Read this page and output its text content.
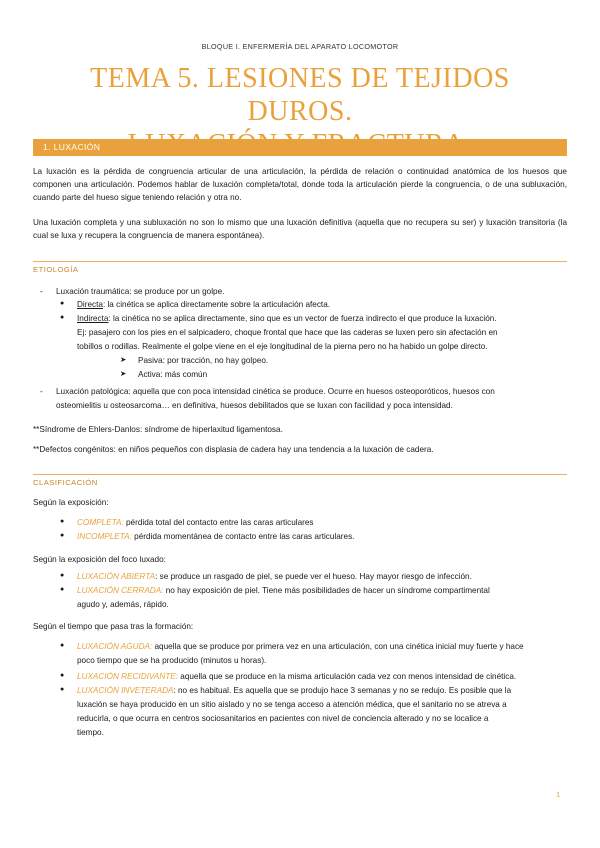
BLOQUE I. ENFERMERÍA DEL APARATO LOCOMOTOR
TEMA 5. LESIONES DE TEJIDOS DUROS.
1. LUXACIÓN

La luxación es la pérdida de congruencia articular de una articulación, la pérdida de relación o continuidad anatómica de los huesos que componen una articulación. Podemos hablar de luxación completa/total, donde toda la articulación pierde la congruencia, o de una subluxación, cuando parte del hueso sigue teniendo relación y otra no.

Una luxación completa y una subluxación no son lo mismo que una luxación definitiva (aquella que no recupera su ser) y luxación transitoria (la cual se luxa y recupera la congruencia de manera espontánea).

ETIOLOGÍA
- Luxación traumática: se produce por un golpe.
● Directa: la cinética se aplica directamente sobre la articulación afecta.
● Indirecta: la cinética no se aplica directamente, sino que es un vector de fuerza indirecto el que produce la luxación.
Ej: pasajero con los pies en el salpicadero, choque frontal que hace que las caderas se luxen pero sin afectación en
tobillos o rodillas. Realmente el golpe viene en el eje longitudinal de la pierna pero no ha habido un golpe directo.
➤ Pasiva: por tracción, no hay golpeo.
➤ Activa: más común
- Luxación patológica: aquella que con poca intensidad cinética se produce. Ocurre en huesos osteoporóticos, huesos con
osteomielitis u osteosarcoma… en definitiva, huesos debilitados que se luxan con facilidad y poca intensidad.
**Síndrome de Ehlers-Danlos: síndrome de hiperlaxitud ligamentosa.
**Defectos congénitos: en niños pequeños con displasia de cadera hay una tendencia a la luxación de cadera.
CLASIFICACIÓN
Según la exposición:
● COMPLETA: pérdida total del contacto entre las caras articulares
● INCOMPLETA: pérdida momentánea de contacto entre las caras articulares.
Según la exposición del foco luxado:
● LUXACIÓN ABIERTA: se produce un rasgado de piel, se puede ver el hueso. Hay mayor riesgo de infección.
● LUXACIÓN CERRADA: no hay exposición de piel. Tiene más posibilidades de hacer un síndrome compartimental
agudo y, además, rápido.
Según el tiempo que pasa tras la formación:
● LUXACIÓN AGUDA: aquella que se produce por primera vez en una articulación, con una cinética inicial muy fuerte y hace
poco tiempo que se ha producido (minutos u horas).
● LUXACIÓN RECIDIVANTE: aquella que se produce en la misma articulación cada vez con menos intensidad de cinética.
● LUXACIÓN INVETERADA: no es habitual. Es aquella que se produjo hace 3 semanas y no se redujo. Es posible que la
luxación se haya producido en un sitio aislado y no se tenga acceso a atención médica, que el sanitario no se atreva a
reducirla, o que ocurra en centros sociosanitarios en pacientes con nivel de conciencia alterado y no se localice a
tiempo.
1
